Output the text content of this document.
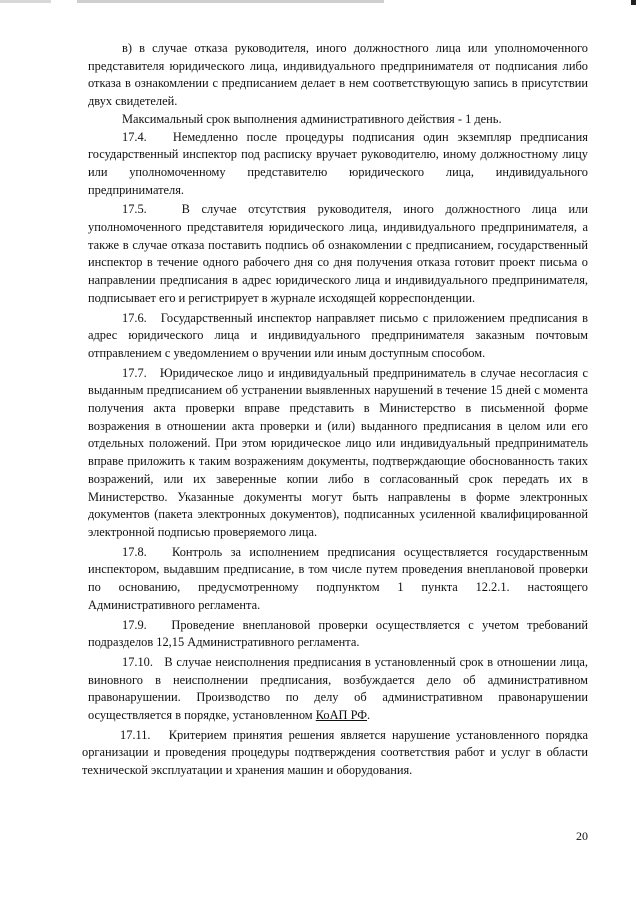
в) в случае отказа руководителя, иного должностного лица или уполномоченного представителя юридического лица, индивидуального предпринимателя от подписания либо отказа в ознакомлении с предписанием делает в нем соответствующую запись в присутствии двух свидетелей.

Максимальный срок выполнения административного действия - 1 день.

17.4.   Немедленно после процедуры подписания один экземпляр предписания государственный инспектор под расписку вручает руководителю, иному должностному лицу или уполномоченному представителю юридического лица, индивидуального предпринимателя.

17.5.   В случае отсутствия руководителя, иного должностного лица или уполномоченного представителя юридического лица, индивидуального предпринимателя, а также в случае отказа поставить подпись об ознакомлении с предписанием, государственный инспектор в течение одного рабочего дня со дня получения отказа готовит проект письма о направлении предписания в адрес юридического лица и индивидуального предпринимателя, подписывает его и регистрирует в журнале исходящей корреспонденции.

17.6.   Государственный инспектор направляет письмо с приложением предписания в адрес юридического лица и индивидуального предпринимателя заказным почтовым отправлением с уведомлением о вручении или иным доступным способом.

17.7.   Юридическое лицо и индивидуальный предприниматель в случае несогласия с выданным предписанием об устранении выявленных нарушений в течение 15 дней с момента получения акта проверки вправе представить в Министерство в письменной форме возражения в отношении акта проверки и (или) выданного предписания в целом или его отдельных положений. При этом юридическое лицо или индивидуальный предприниматель вправе приложить к таким возражениям документы, подтверждающие обоснованность таких возражений, или их заверенные копии либо в согласованный срок передать их в Министерство. Указанные документы могут быть направлены в форме электронных документов (пакета электронных документов), подписанных усиленной квалифицированной электронной подписью проверяемого лица.

17.8.   Контроль за исполнением предписания осуществляется государственным инспектором, выдавшим предписание, в том числе путем проведения внеплановой проверки по основанию, предусмотренному подпунктом 1 пункта 12.2.1. настоящего Административного регламента.

17.9.   Проведение внеплановой проверки осуществляется с учетом требований подразделов 12,15 Административного регламента.

17.10.   В случае неисполнения предписания в установленный срок в отношении лица, виновного в неисполнении предписания, возбуждается дело об административном правонарушении. Производство по делу об административном правонарушении осуществляется в порядке, установленном КоАП РФ.

17.11.   Критерием принятия решения является нарушение установленного порядка организации и проведения процедуры подтверждения соответствия работ и услуг в области технической эксплуатации и хранения машин и оборудования.

20
